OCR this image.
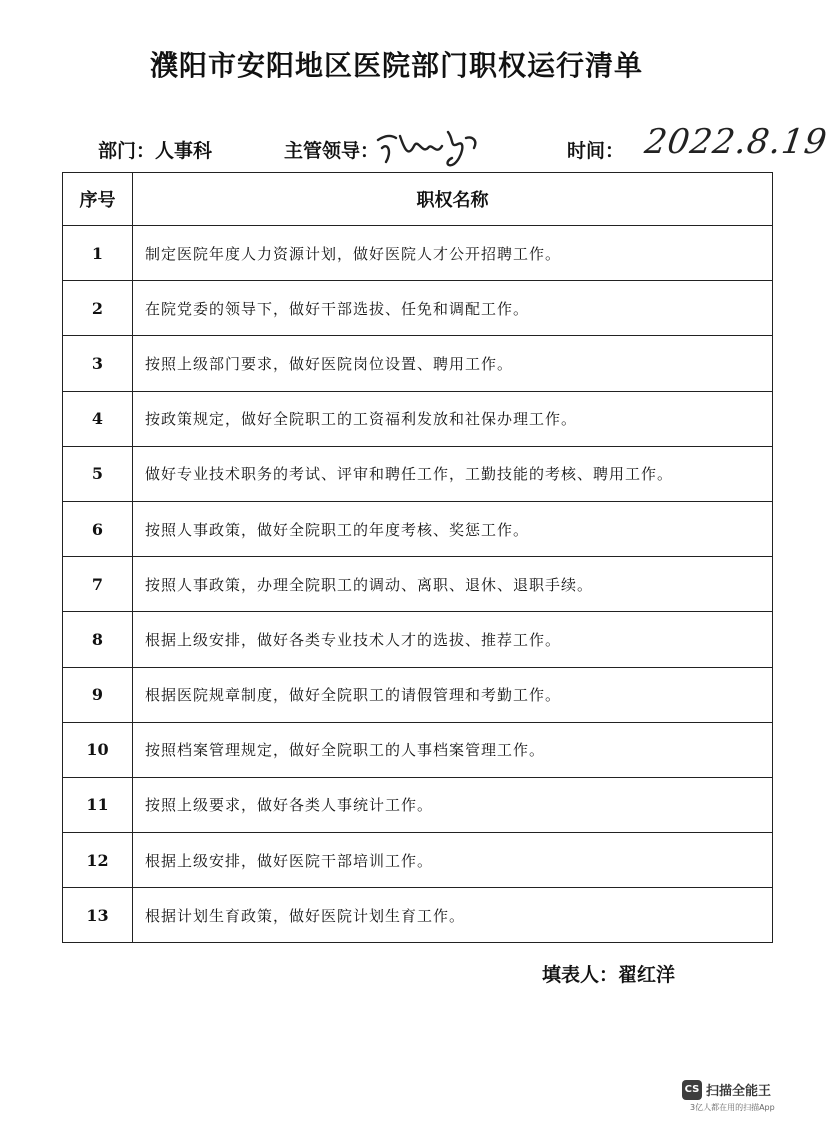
濮阳市安阳地区医院部门职权运行清单
部门：人事科	主管领导：	时间： 2022.8.19
序号	职权名称
1	制定医院年度人力资源计划，做好医院人才公开招聘工作。
2	在院党委的领导下，做好干部选拔、任免和调配工作。
3	按照上级部门要求，做好医院岗位设置、聘用工作。
4	按政策规定，做好全院职工的工资福利发放和社保办理工作。
5	做好专业技术职务的考试、评审和聘任工作，工勤技能的考核、聘用工作。
6	按照人事政策，做好全院职工的年度考核、奖惩工作。
7	按照人事政策，办理全院职工的调动、离职、退休、退职手续。
8	根据上级安排，做好各类专业技术人才的选拔、推荐工作。
9	根据医院规章制度，做好全院职工的请假管理和考勤工作。
10	按照档案管理规定，做好全院职工的人事档案管理工作。
11	按照上级要求，做好各类人事统计工作。
12	根据上级安排，做好医院干部培训工作。
13	根据计划生育政策，做好医院计划生育工作。
填表人：翟红洋
CS 扫描全能王
3亿人都在用的扫描App
